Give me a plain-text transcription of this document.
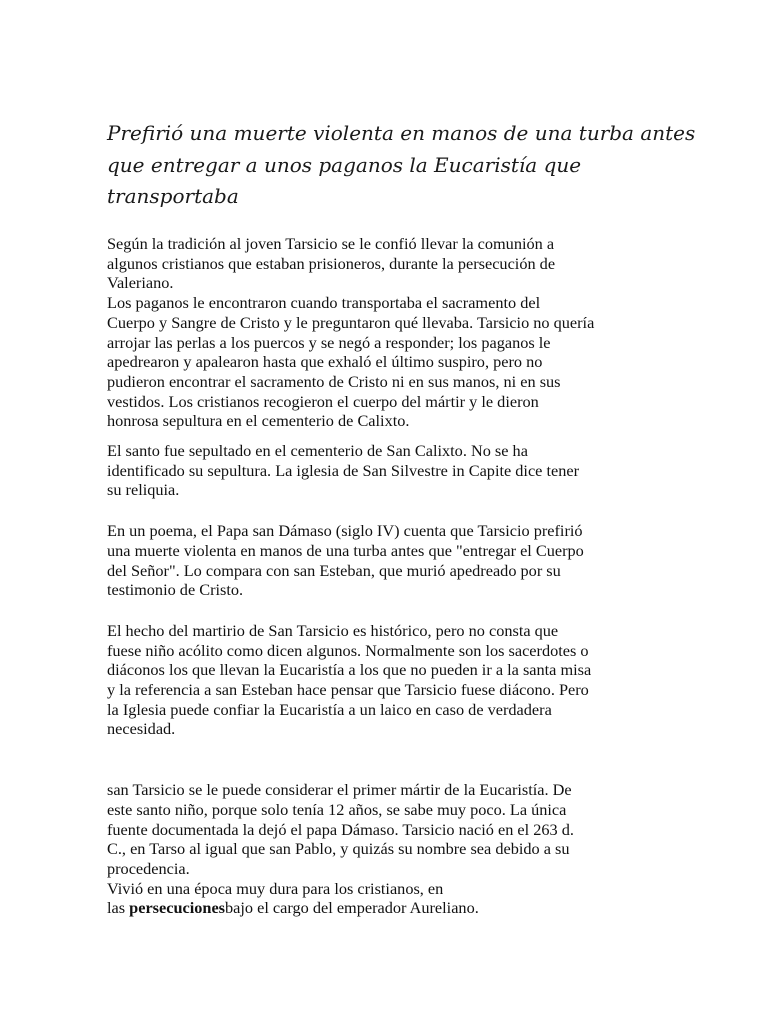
Prefirió una muerte violenta en manos de una turba antes
que entregar a unos paganos la Eucaristía que
transportaba

Según la tradición al joven Tarsicio se le confió llevar la comunión a
algunos cristianos que estaban prisioneros, durante la persecución de
Valeriano.

Los paganos le encontraron cuando transportaba el sacramento del
Cuerpo y Sangre de Cristo y le preguntaron qué llevaba. Tarsicio no quería
arrojar las perlas a los puercos y se negó a responder; los paganos le
apedrearon y apalearon hasta que exhaló el último suspiro, pero no
pudieron encontrar el sacramento de Cristo ni en sus manos, ni en sus
vestidos. Los cristianos recogieron el cuerpo del mártir y le dieron
honrosa sepultura en el cementerio de Calixto.

El santo fue sepultado en el cementerio de San Calixto. No se ha
identificado su sepultura. La iglesia de San Silvestre in Capite dice tener
su reliquia.

En un poema, el Papa san Dámaso (siglo IV) cuenta que Tarsicio prefirió
una muerte violenta en manos de una turba antes que "entregar el Cuerpo
del Señor". Lo compara con san Esteban, que murió apedreado por su
testimonio de Cristo.

El hecho del martirio de San Tarsicio es histórico, pero no consta que
fuese niño acólito como dicen algunos. Normalmente son los sacerdotes o
diáconos los que llevan la Eucaristía a los que no pueden ir a la santa misa
y la referencia a san Esteban hace pensar que Tarsicio fuese diácono. Pero
la Iglesia puede confiar la Eucaristía a un laico en caso de verdadera
necesidad.

san Tarsicio se le puede considerar el primer mártir de la Eucaristía. De
este santo niño, porque solo tenía 12 años, se sabe muy poco. La única
fuente documentada la dejó el papa Dámaso. Tarsicio nació en el 263 d.
C., en Tarso al igual que san Pablo, y quizás su nombre sea debido a su
procedencia.

Vivió en una época muy dura para los cristianos, en
las persecucionesbajo el cargo del emperador Aureliano.
